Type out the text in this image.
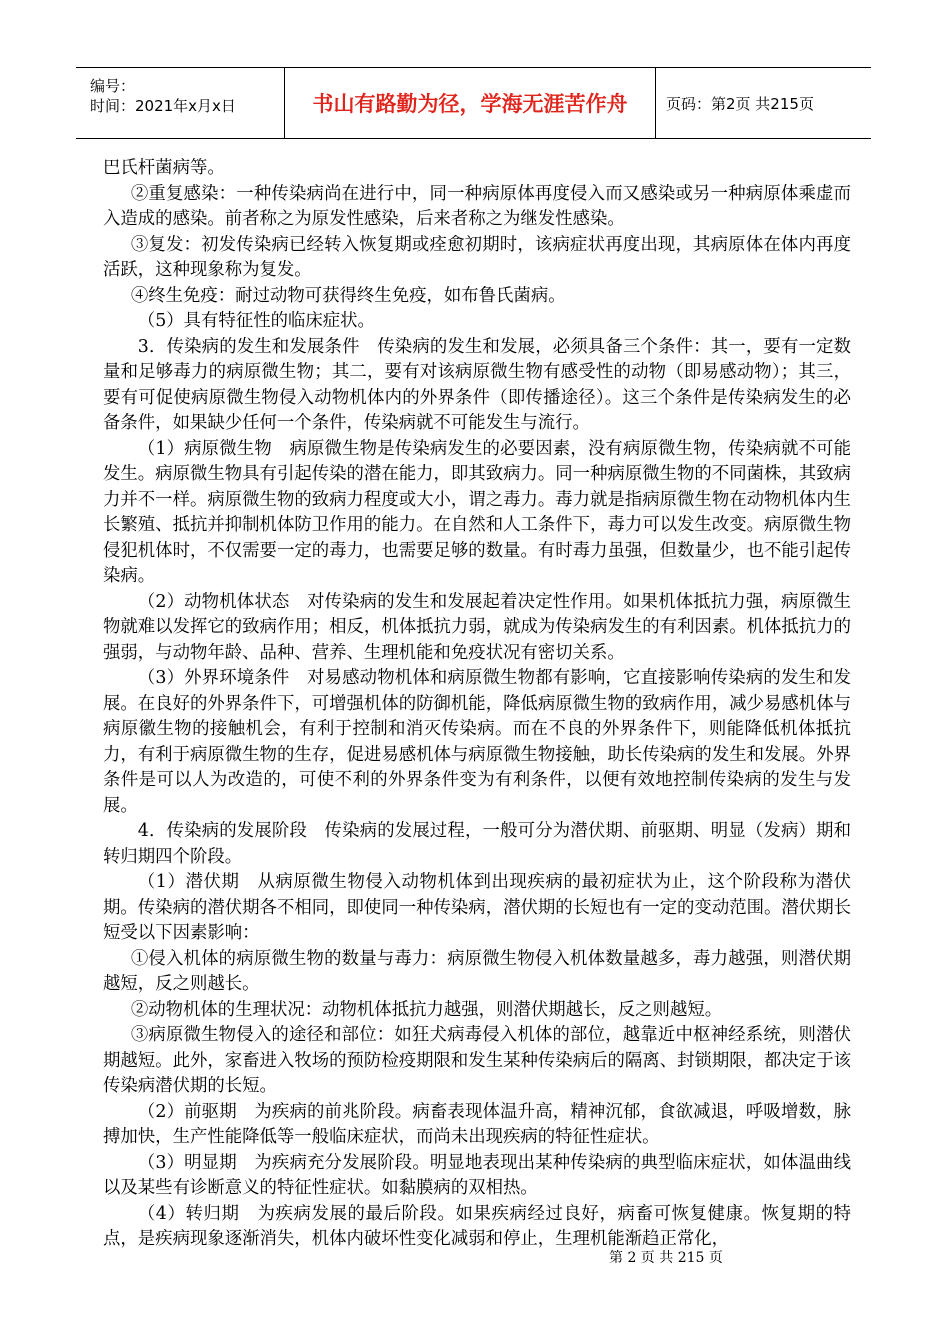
编号：
时间：2021年x月x日	书山有路勤为径，学海无涯苦作舟	页码：第2页 共215页

巴氏杆菌病等。

②重复感染：一种传染病尚在进行中，同一种病原体再度侵入而又感染或另一种病原体乘虚而入造成的感染。前者称之为原发性感染，后来者称之为继发性感染。

③复发：初发传染病已经转入恢复期或痊愈初期时，该病症状再度出现，其病原体在体内再度活跃，这种现象称为复发。

④终生免疫：耐过动物可获得终生免疫，如布鲁氏菌病。

（5）具有特征性的临床症状。

3．传染病的发生和发展条件　传染病的发生和发展，必须具备三个条件：其一，要有一定数量和足够毒力的病原微生物；其二，要有对该病原微生物有感受性的动物（即易感动物）；其三，要有可促使病原微生物侵入动物机体内的外界条件（即传播途径）。这三个条件是传染病发生的必备条件，如果缺少任何一个条件，传染病就不可能发生与流行。

（1）病原微生物　病原微生物是传染病发生的必要因素，没有病原微生物，传染病就不可能发生。病原微生物具有引起传染的潜在能力，即其致病力。同一种病原微生物的不同菌株，其致病力并不一样。病原微生物的致病力程度或大小，谓之毒力。毒力就是指病原微生物在动物机体内生长繁殖、抵抗并抑制机体防卫作用的能力。在自然和人工条件下，毒力可以发生改变。病原微生物侵犯机体时，不仅需要一定的毒力，也需要足够的数量。有时毒力虽强，但数量少，也不能引起传染病。

（2）动物机体状态　对传染病的发生和发展起着决定性作用。如果机体抵抗力强，病原微生物就难以发挥它的致病作用；相反，机体抵抗力弱，就成为传染病发生的有利因素。机体抵抗力的强弱，与动物年龄、品种、营养、生理机能和免疫状况有密切关系。

（3）外界环境条件　对易感动物机体和病原微生物都有影响，它直接影响传染病的发生和发展。在良好的外界条件下，可增强机体的防御机能，降低病原微生物的致病作用，减少易感机体与病原徽生物的接触机会，有利于控制和消灭传染病。而在不良的外界条件下，则能降低机体抵抗力，有利于病原微生物的生存，促进易感机体与病原微生物接触，助长传染病的发生和发展。外界条件是可以人为改造的，可使不利的外界条件变为有利条件，以便有效地控制传染病的发生与发展。

4．传染病的发展阶段　传染病的发展过程，一般可分为潜伏期、前驱期、明显（发病）期和转归期四个阶段。

（1）潜伏期　从病原微生物侵入动物机体到出现疾病的最初症状为止，这个阶段称为潜伏期。传染病的潜伏期各不相同，即使同一种传染病，潜伏期的长短也有一定的变动范围。潜伏期长短受以下因素影响：

①侵入机体的病原微生物的数量与毒力：病原微生物侵入机体数量越多，毒力越强，则潜伏期越短，反之则越长。

②动物机体的生理状况：动物机体抵抗力越强，则潜伏期越长，反之则越短。

③病原微生物侵入的途径和部位：如狂犬病毒侵入机体的部位，越靠近中枢神经系统，则潜伏期越短。此外，家畜进入牧场的预防检疫期限和发生某种传染病后的隔离、封锁期限，都决定于该传染病潜伏期的长短。

（2）前驱期　为疾病的前兆阶段。病畜表现体温升高，精神沉郁，食欲减退，呼吸增数，脉搏加快，生产性能降低等一般临床症状，而尚未出现疾病的特征性症状。

（3）明显期　为疾病充分发展阶段。明显地表现出某种传染病的典型临床症状，如体温曲线以及某些有诊断意义的特征性症状。如黏膜病的双相热。

（4）转归期　为疾病发展的最后阶段。如果疾病经过良好，病畜可恢复健康。恢复期的特点，是疾病现象逐渐消失，机体内破坏性变化减弱和停止，生理机能渐趋正常化，

第 2 页 共 215 页
